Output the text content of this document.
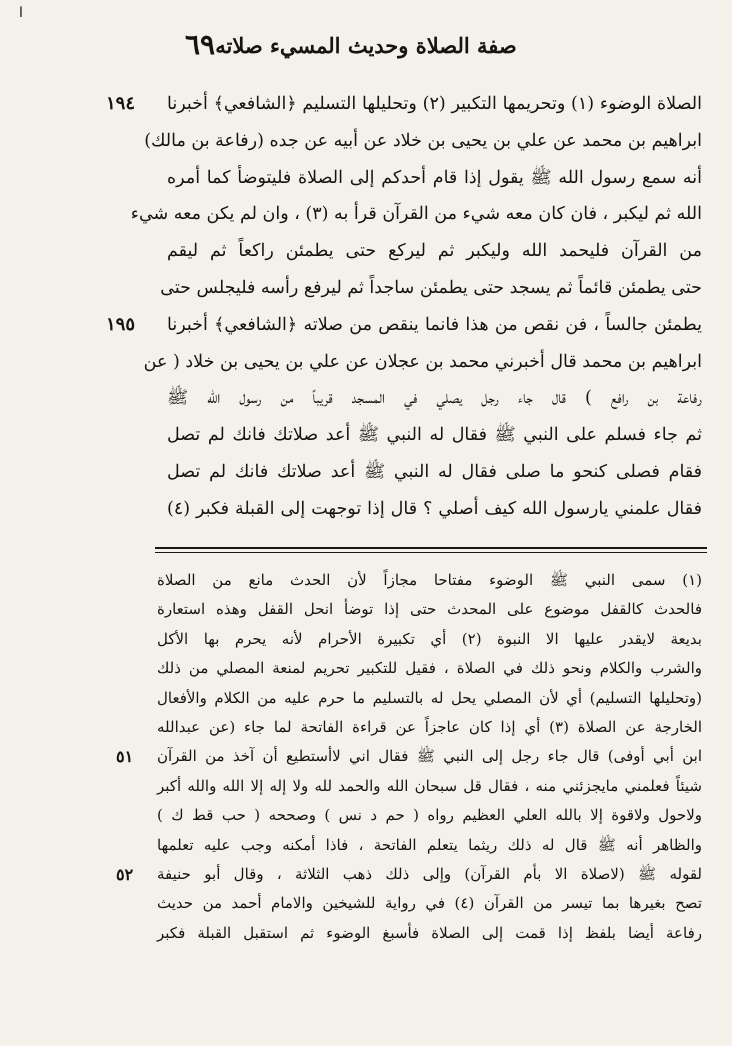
ا
صفة الصلاة وحديث المسيء صلاته
٦٩
الصلاة الوضوء (١) وتحريمها التكبير (٢) وتحليلها التسليم ﴿الشافعي﴾ أخبرنا
١٩٤
ابراهيم بن محمد عن علي بن يحيى بن خلاد عن أبيه عن جده (رفاعة بن مالك)
أنه سمع رسول الله ﷺ يقول إذا قام أحدكم إلى الصلاة فليتوضأ كما أمره
الله ثم ليكبر ، فان كان معه شيء من القرآن قرأ به (٣) ، وان لم يكن معه شيء
من القرآن فليحمد الله وليكبر ثم ليركع حتى يطمئن راكعاً ثم ليقم
حتى يطمئن قائماً ثم يسجد حتى يطمئن ساجداً ثم ليرفع رأسه فليجلس حتى
يطمئن جالساً ، فن نقص من هذا فانما ينقص من صلاته ﴿الشافعي﴾ أخبرنا
١٩٥
ابراهيم بن محمد قال أخبرني محمد بن عجلان عن علي بن يحيى بن خلاد ( عن
رفاعة بن رافع ) قال جاء رجل يصلي في المسجد قريباً من رسول الله ﷺ
ثم جاء فسلم على النبي ﷺ فقال له النبي ﷺ أعد صلاتك فانك لم تصل
فقام فصلى كنحو ما صلى فقال له النبي ﷺ أعد صلاتك فانك لم تصل
فقال علمني يارسول الله كيف أصلي ؟ قال إذا توجهت إلى القبلة فكبر (٤)
(١) سمى النبي ﷺ الوضوء مفتاحا مجازاً لأن الحدث مانع من الصلاة
فالحدث كالقفل موضوع على المحدث حتى إذا توضأ انحل القفل وهذه استعارة
بديعة لايقدر عليها الا النبوة (٢) أي تكبيرة الأحرام لأنه يحرم بها الأكل
والشرب والكلام ونحو ذلك في الصلاة ، فقيل للتكبير تحريم لمنعة المصلي من ذلك
(وتحليلها التسليم) أي لأن المصلي يحل له بالتسليم ما حرم عليه من الكلام والأفعال
الخارجة عن الصلاة (٣) أي إذا كان عاجزاً عن قراءة الفاتحة لما جاء (عن عبدالله
ابن أبي أوفى) قال جاء رجل إلى النبي ﷺ فقال اني لاأستطيع أن آخذ من القرآن
٥١
شيئاً فعلمني مايجزئني منه ، فقال قل سبحان الله والحمد لله ولا إله إلا الله والله أكبر
ولاحول ولاقوة إلا بالله العلي العظيم رواه ( حم د نس ) وصححه ( حب قط ك )
والظاهر أنه ﷺ قال له ذلك ريثما يتعلم الفاتحة ، فاذا أمكنه وجب عليه تعلمها
لقوله ﷺ (لاصلاة الا بأم القرآن) وإلى ذلك ذهب الثلاثة ، وقال أبو حنيفة
٥٢
تصح بغيرها بما تيسر من القرآن (٤) في رواية للشيخين والامام أحمد من حديث
رفاعة أيضا بلفظ إذا قمت إلى الصلاة فأسبغ الوضوء ثم استقبل القبلة فكبر
